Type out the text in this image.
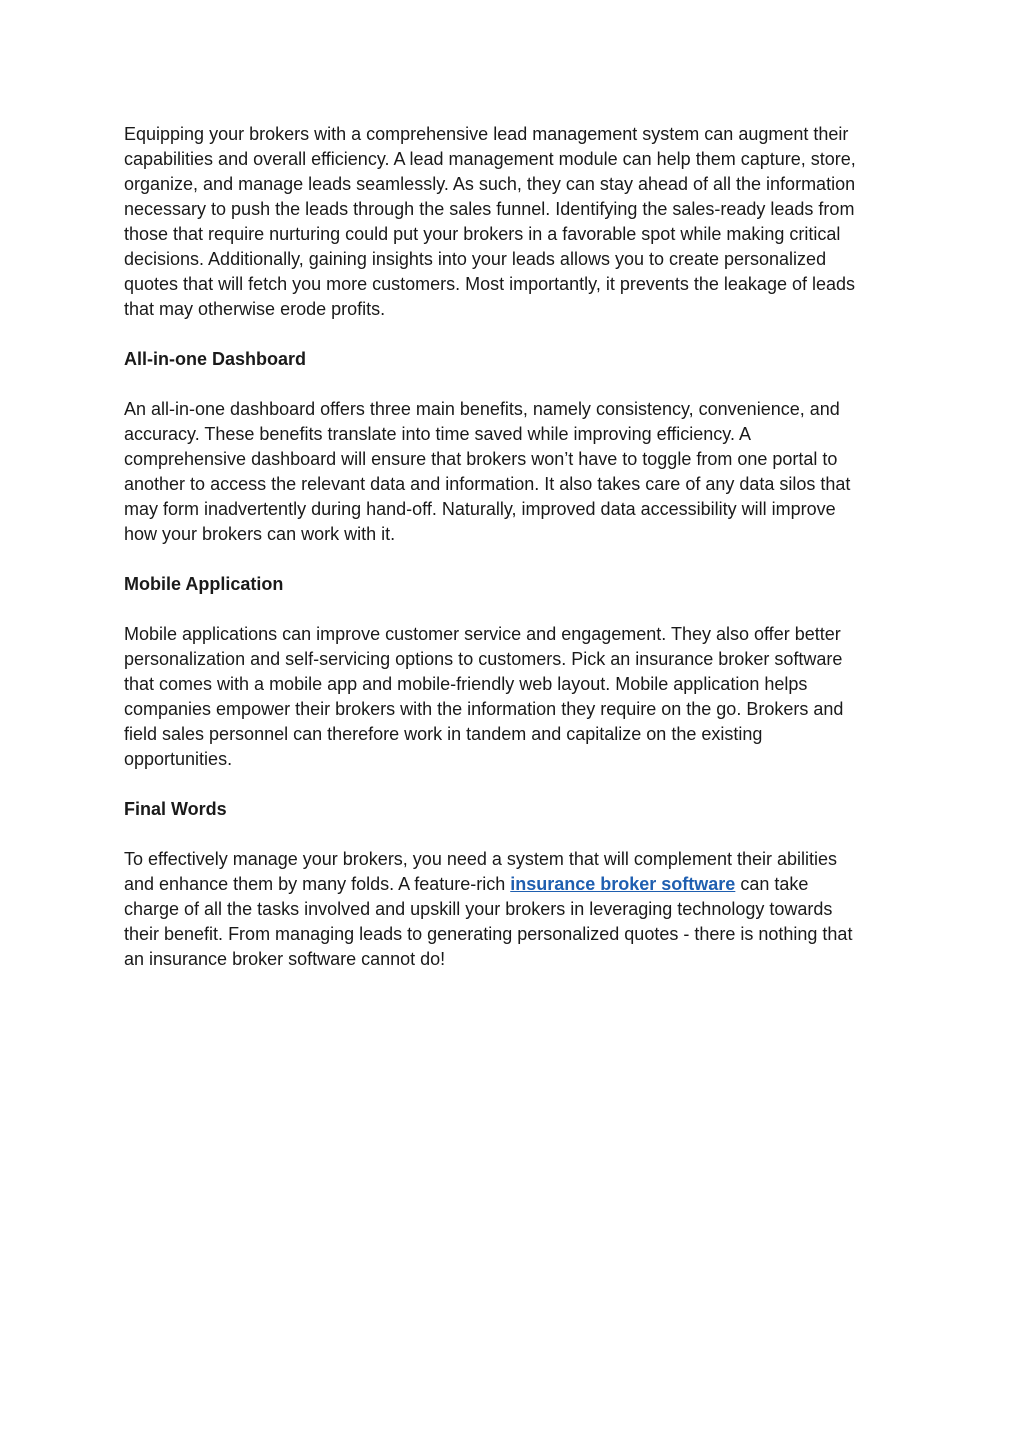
Equipping your brokers with a comprehensive lead management system can augment their
capabilities and overall efficiency. A lead management module can help them capture, store,
organize, and manage leads seamlessly. As such, they can stay ahead of all the information
necessary to push the leads through the sales funnel. Identifying the sales-ready leads from
those that require nurturing could put your brokers in a favorable spot while making critical
decisions. Additionally, gaining insights into your leads allows you to create personalized
quotes that will fetch you more customers. Most importantly, it prevents the leakage of leads
that may otherwise erode profits.

All-in-one Dashboard

An all-in-one dashboard offers three main benefits, namely consistency, convenience, and
accuracy. These benefits translate into time saved while improving efficiency. A
comprehensive dashboard will ensure that brokers won’t have to toggle from one portal to
another to access the relevant data and information. It also takes care of any data silos that
may form inadvertently during hand-off. Naturally, improved data accessibility will improve
how your brokers can work with it.

Mobile Application

Mobile applications can improve customer service and engagement. They also offer better
personalization and self-servicing options to customers. Pick an insurance broker software
that comes with a mobile app and mobile-friendly web layout. Mobile application helps
companies empower their brokers with the information they require on the go. Brokers and
field sales personnel can therefore work in tandem and capitalize on the existing
opportunities.

Final Words

To effectively manage your brokers, you need a system that will complement their abilities
and enhance them by many folds. A feature-rich insurance broker software can take
charge of all the tasks involved and upskill your brokers in leveraging technology towards
their benefit. From managing leads to generating personalized quotes - there is nothing that
an insurance broker software cannot do!
